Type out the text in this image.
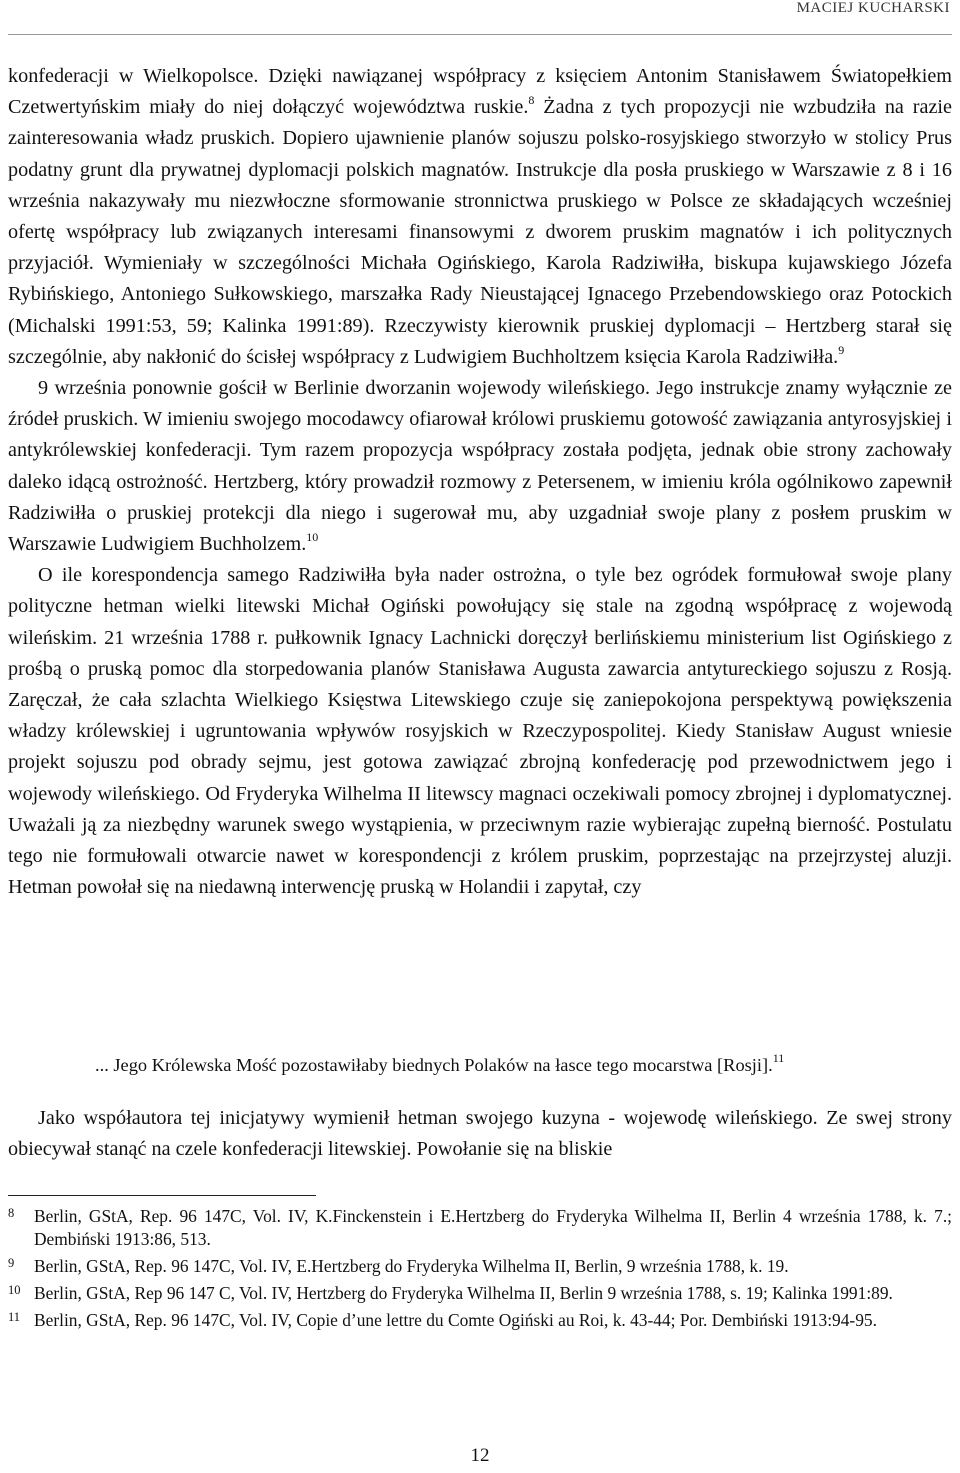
MACIEJ KUCHARSKI

konfederacji w Wielkopolsce. Dzięki nawiązanej współpracy z księciem Antonim Stanisławem Światopełkiem Czetwertyńskim miały do niej dołączyć województwa ruskie.$^8$ Żadna z tych propozycji nie wzbudziła na razie zainteresowania władz pruskich. Dopiero ujawnienie planów sojuszu polsko-rosyjskiego stworzyło w stolicy Prus podatny grunt dla prywatnej dyplomacji polskich magnatów. Instrukcje dla posła pruskiego w Warszawie z 8 i 16 września nakazywały mu niezwłoczne sformowanie stronnictwa pruskiego w Polsce ze składających wcześniej ofertę współpracy lub związanych interesami finansowymi z dworem pruskim magnatów i ich politycznych przyjaciół. Wymieniały w szczególności Michała Ogińskiego, Karola Radziwiłła, biskupa kujawskiego Józefa Rybińskiego, Antoniego Sułkowskiego, marszałka Rady Nieustającej Ignacego Przebendowskiego oraz Potockich (Michalski 1991:53, 59; Kalinka 1991:89). Rzeczywisty kierownik pruskiej dyplomacji – Hertzberg starał się szczególnie, aby nakłonić do ścisłej współpracy z Ludwigiem Buchholtzem księcia Karola Radziwiłła.$^9$

9 września ponownie gościł w Berlinie dworzanin wojewody wileńskiego. Jego instrukcje znamy wyłącznie ze źródeł pruskich. W imieniu swojego mocodawcy ofiarował królowi pruskiemu gotowość zawiązania antyrosyjskiej i antykrólewskiej konfederacji. Tym razem propozycja współpracy została podjęta, jednak obie strony zachowały daleko idącą ostrożność. Hertzberg, który prowadził rozmowy z Petersenem, w imieniu króla ogólnikowo zapewnił Radziwiłła o pruskiej protekcji dla niego i sugerował mu, aby uzgadniał swoje plany z posłem pruskim w Warszawie Ludwigiem Buchholzem.$^{10}$

O ile korespondencja samego Radziwiłła była nader ostrożna, o tyle bez ogródek formułował swoje plany polityczne hetman wielki litewski Michał Ogiński powołujący się stale na zgodną współpracę z wojewodą wileńskim. 21 września 1788 r. pułkownik Ignacy Lachnicki doręczył berlińskiemu ministerium list Ogińskiego z prośbą o pruską pomoc dla storpedowania planów Stanisława Augusta zawarcia antytureckiego sojuszu z Rosją. Zaręczał, że cała szlachta Wielkiego Księstwa Litewskiego czuje się zaniepokojona perspektywą powiększenia władzy królewskiej i ugruntowania wpływów rosyjskich w Rzeczypospolitej. Kiedy Stanisław August wniesie projekt sojuszu pod obrady sejmu, jest gotowa zawiązać zbrojną konfederację pod przewodnictwem jego i wojewody wileńskiego. Od Fryderyka Wilhelma II litewscy magnaci oczekiwali pomocy zbrojnej i dyplomatycznej. Uważali ją za niezbędny warunek swego wystąpienia, w przeciwnym razie wybierając zupełną bierność. Postulatu tego nie formułowali otwarcie nawet w korespondencji z królem pruskim, poprzestając na przejrzystej aluzji. Hetman powołał się na niedawną interwencję pruską w Holandii i zapytał, czy

... Jego Królewska Mość pozostawiłaby biednych Polaków na łasce tego mocarstwa [Rosji].$^{11}$

Jako współautora tej inicjatywy wymienił hetman swojego kuzyna - wojewodę wileńskiego. Ze swej strony obiecywał stanąć na czele konfederacji litewskiej. Powołanie się na bliskie

8	Berlin, GStA, Rep. 96 147C, Vol. IV, K.Finckenstein i E.Hertzberg do Fryderyka Wilhelma II, Berlin 4 września 1788, k. 7.; Dembiński 1913:86, 513.
9	Berlin, GStA, Rep. 96 147C, Vol. IV, E.Hertzberg do Fryderyka Wilhelma II, Berlin, 9 września 1788, k. 19.
10 Berlin, GStA, Rep 96 147 C, Vol. IV, Hertzberg do Fryderyka Wilhelma II, Berlin 9 września 1788, s. 19; Kalinka 1991:89.
11 Berlin, GStA, Rep. 96 147C, Vol. IV, Copie d’une lettre du Comte Ogiński au Roi, k. 43-44; Por. Dembiński 1913:94-95.
12
